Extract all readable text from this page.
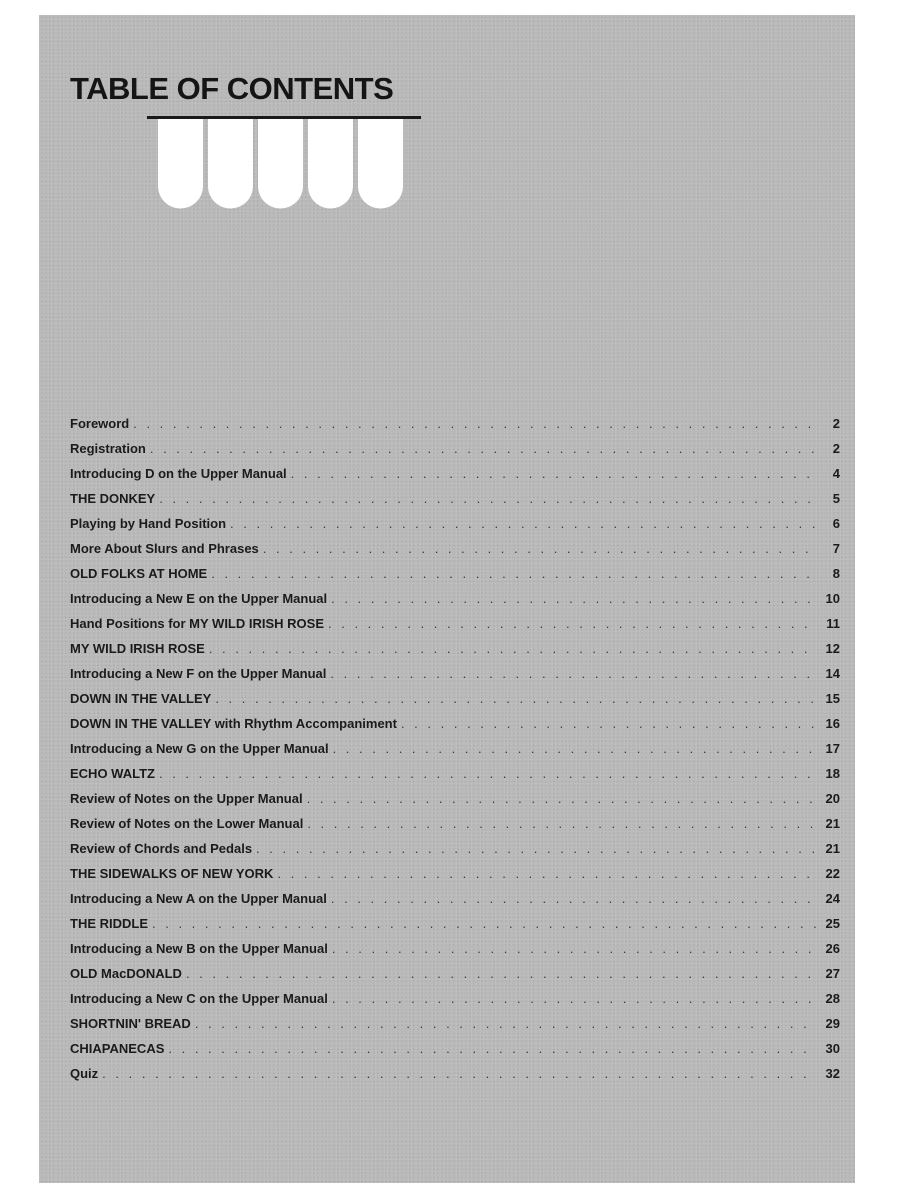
TABLE OF CONTENTS
Foreword . . .	2
Registration . . .	2
Introducing D on the Upper Manual . . .	4
THE DONKEY . . .	5
Playing by Hand Position . . .	6
More About Slurs and Phrases . . .	7
OLD FOLKS AT HOME . . .	8
Introducing a New E on the Upper Manual . . .	10
Hand Positions for MY WILD IRISH ROSE . . .	11
MY WILD IRISH ROSE . . .	12
Introducing a New F on the Upper Manual . . .	14
DOWN IN THE VALLEY . . .	15
DOWN IN THE VALLEY with Rhythm Accompaniment . . .	16
Introducing a New G on the Upper Manual . . .	17
ECHO WALTZ . . .	18
Review of Notes on the Upper Manual . . .	20
Review of Notes on the Lower Manual . . .	21
Review of Chords and Pedals . . .	21
THE SIDEWALKS OF NEW YORK . . .	22
Introducing a New A on the Upper Manual . . .	24
THE RIDDLE . . .	25
Introducing a New B on the Upper Manual . . .	26
OLD MacDONALD . . .	27
Introducing a New C on the Upper Manual . . .	28
SHORTNIN' BREAD . . .	29
CHIAPANECAS . . .	30
Quiz . . .	32
